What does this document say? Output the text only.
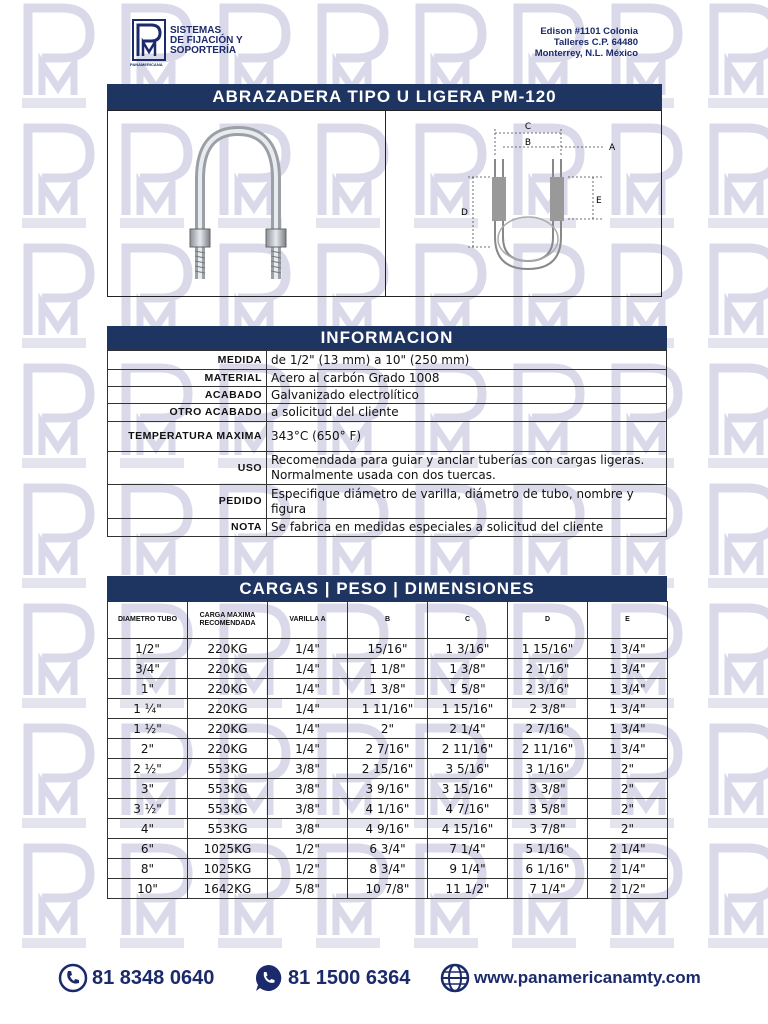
PANAMERICANA
SISTEMAS
DE FIJACIÓN Y
SOPORTERÍA
Edison #1101 Colonia
Talleres C.P. 64480
Monterrey, N.L. México
ABRAZADERA TIPO U LIGERA PM-120
C
B	A
D
E
INFORMACION
MEDIDA	de 1/2" (13 mm) a 10" (250 mm)
MATERIAL	Acero al carbón Grado 1008
ACABADO	Galvanizado electrolítico
OTRO ACABADO	a solicitud del cliente
TEMPERATURA MAXIMA	343°C (650° F)
USO	Recomendada para guiar y anclar tuberías con cargas ligeras. Normalmente usada con dos tuercas.
PEDIDO	Especifique diámetro de varilla, diámetro de tubo, nombre y figura
NOTA	Se fabrica en medidas especiales a solicitud del cliente
CARGAS | PESO | DIMENSIONES
DIAMETRO TUBO	CARGA MAXIMA RECOMENDADA	VARILLA A	B	C	D	E
1/2"	220KG	1/4"	15/16"	1 3/16"	1 15/16"	1 3/4"
3/4"	220KG	1/4"	1 1/8"	1 3/8"	2 1/16"	1 3/4"
1"	220KG	1/4"	1 3/8"	1 5/8"	2 3/16"	1 3/4"
1 ¼"	220KG	1/4"	1 11/16"	1 15/16"	2 3/8"	1 3/4"
1 ½"	220KG	1/4"	2"	2 1/4"	2 7/16"	1 3/4"
2"	220KG	1/4"	2 7/16"	2 11/16"	2 11/16"	1 3/4"
2 ½"	553KG	3/8"	2 15/16"	3 5/16"	3 1/16"	2"
3"	553KG	3/8"	3 9/16"	3 15/16"	3 3/8"	2"
3 ½"	553KG	3/8"	4 1/16"	4 7/16"	3 5/8"	2"
4"	553KG	3/8"	4 9/16"	4 15/16"	3 7/8"	2"
6"	1025KG	1/2"	6 3/4"	7 1/4"	5 1/16"	2 1/4"
8"	1025KG	1/2"	8 3/4"	9 1/4"	6 1/16"	2 1/4"
10"	1642KG	5/8"	10 7/8"	11 1/2"	7 1/4"	2 1/2"
81 8348 0640	81 1500 6364	www.panamericanamty.com
